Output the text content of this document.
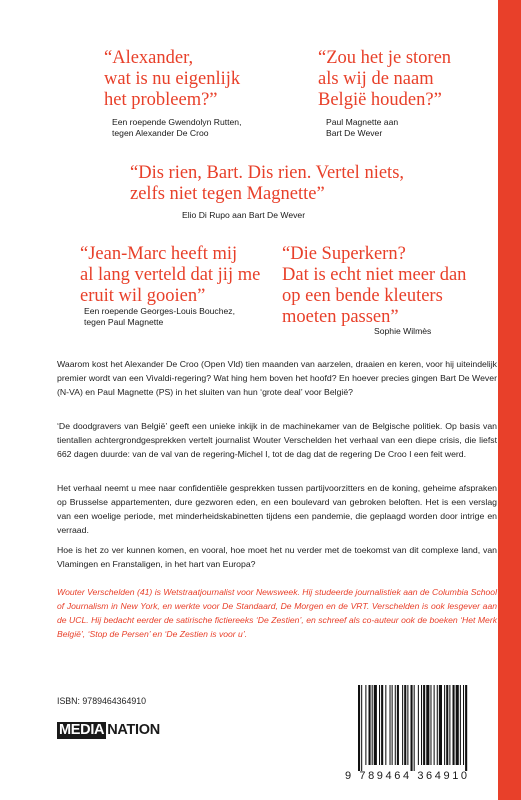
“Alexander,
wat is nu eigenlijk
het probleem?”

Een roepende Gwendolyn Rutten,
tegen Alexander De Croo

“Zou het je storen
als wij de naam
België houden?”

Paul Magnette aan
Bart De Wever

“Dis rien, Bart. Dis rien. Vertel niets,
zelfs niet tegen Magnette”

Elio Di Rupo aan Bart De Wever

“Jean-Marc heeft mij
al lang verteld dat jij me
eruit wil gooien”

Een roepende Georges-Louis Bouchez,
tegen Paul Magnette

“Die Superkern?
Dat is echt niet meer dan
op een bende kleuters
moeten passen”

Sophie Wilmès

Waarom kost het Alexander De Croo (Open Vld) tien maanden van aarzelen, draaien en keren, voor hij uiteindelijk premier wordt van een Vivaldi-regering? Wat hing hem boven het hoofd? En hoever precies gingen Bart De Wever (N-VA) en Paul Magnette (PS) in het sluiten van hun ‘grote deal’ voor België?

‘De doodgravers van België’ geeft een unieke inkijk in de machinekamer van de Belgische politiek. Op basis van tientallen achtergrondgesprekken vertelt journalist Wouter Verschelden het verhaal van een diepe crisis, die liefst 662 dagen duurde: van de val van de regering-Michel I, tot de dag dat de regering De Croo I een feit werd.

Het verhaal neemt u mee naar confidentiële gesprekken tussen partijvoorzitters en de koning, geheime afspraken op Brusselse appartementen, dure gezworen eden, en een boulevard van gebroken beloften. Het is een verslag van een woelige periode, met minderheidskabinetten tijdens een pandemie, die geplaagd worden door intrige en verraad.

Hoe is het zo ver kunnen komen, en vooral, hoe moet het nu verder met de toekomst van dit complexe land, van Vlamingen en Franstaligen, in het hart van Europa?

Wouter Verschelden (41) is Wetstraatjournalist voor Newsweek. Hij studeerde journalistiek aan de Columbia School of Journalism in New York, en werkte voor De Standaard, De Morgen en de VRT. Verschelden is ook lesgever aan de UCL. Hij bedacht eerder de satirische fictiereeks ‘De Zestien’, en schreef als co-auteur ook de boeken ‘Het Merk België’, ‘Stop de Persen’ en ‘De Zestien is voor u’.

ISBN: 9789464364910
MEDIA NATION
9 789464 364910
